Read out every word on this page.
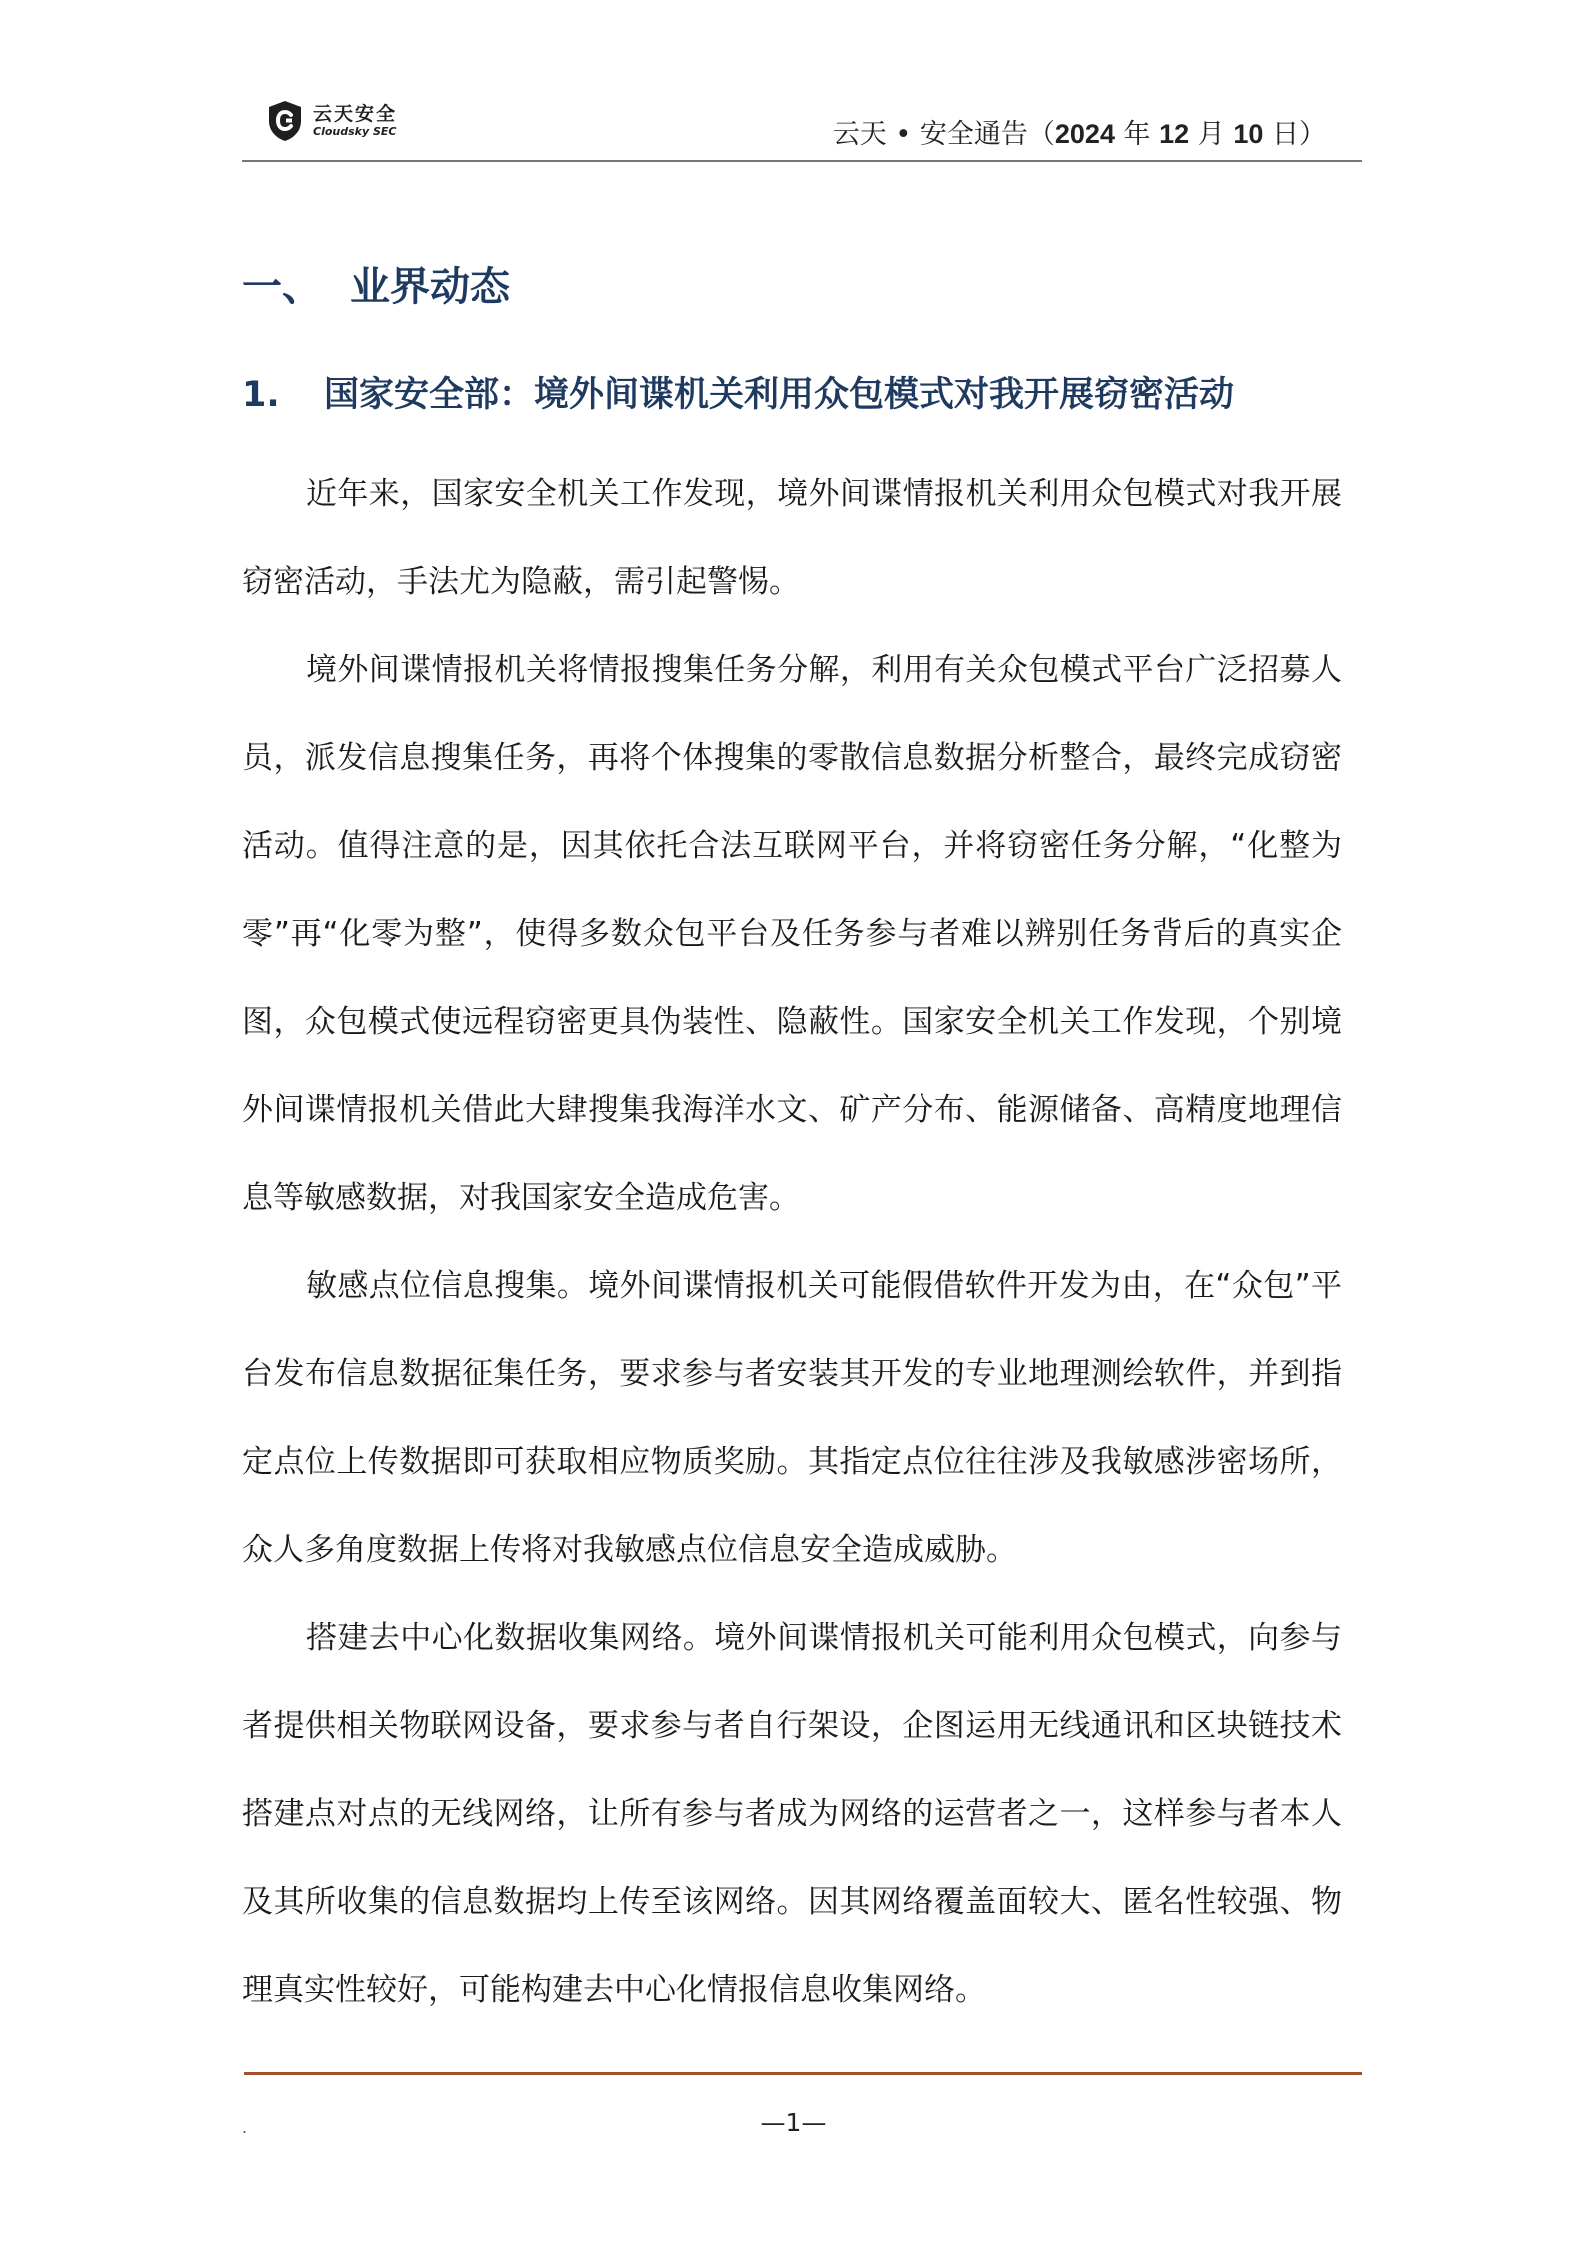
云天安全
Cloudsky SEC	云天 • 安全通告（2024 年 12 月 10 日）
一、 业界动态
1. 国家安全部：境外间谍机关利用众包模式对我开展窃密活动

近年来，国家安全机关工作发现，境外间谍情报机关利用众包模式对我开展窃密活动，手法尤为隐蔽，需引起警惕。

境外间谍情报机关将情报搜集任务分解，利用有关众包模式平台广泛招募人员，派发信息搜集任务，再将个体搜集的零散信息数据分析整合，最终完成窃密活动。值得注意的是，因其依托合法互联网平台，并将窃密任务分解，“化整为零”再“化零为整”，使得多数众包平台及任务参与者难以辨别任务背后的真实企图，众包模式使远程窃密更具伪装性、隐蔽性。国家安全机关工作发现，个别境外间谍情报机关借此大肆搜集我海洋水文、矿产分布、能源储备、高精度地理信息等敏感数据，对我国家安全造成危害。

敏感点位信息搜集。境外间谍情报机关可能假借软件开发为由，在“众包”平台发布信息数据征集任务，要求参与者安装其开发的专业地理测绘软件，并到指定点位上传数据即可获取相应物质奖励。其指定点位往往涉及我敏感涉密场所，众人多角度数据上传将对我敏感点位信息安全造成威胁。

搭建去中心化数据收集网络。境外间谍情报机关可能利用众包模式，向参与者提供相关物联网设备，要求参与者自行架设，企图运用无线通讯和区块链技术搭建点对点的无线网络，让所有参与者成为网络的运营者之一，这样参与者本人及其所收集的信息数据均上传至该网络。因其网络覆盖面较大、匿名性较强、物理真实性较好，可能构建去中心化情报信息收集网络。

.	—1—
